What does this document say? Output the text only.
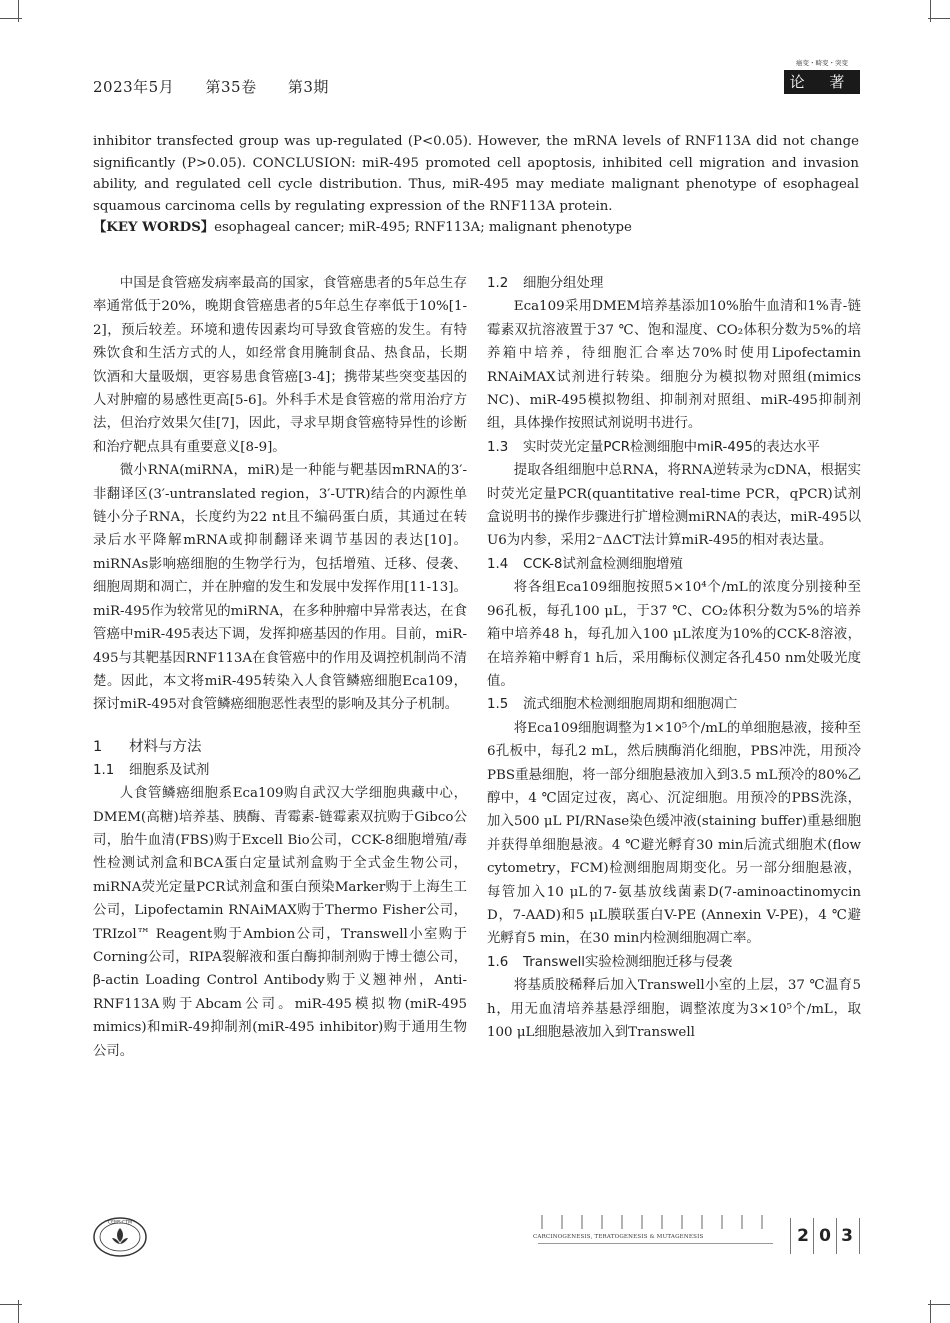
2023年5月 第35卷 第3期
癌变・畸变・突变
论 著

inhibitor transfected group was up-regulated (P<0.05). However, the mRNA levels of RNF113A did not change significantly (P>0.05). CONCLUSION: miR-495 promoted cell apoptosis, inhibited cell migration and invasion ability, and regulated cell cycle distribution. Thus, miR-495 may mediate malignant phenotype of esophageal squamous carcinoma cells by regulating expression of the RNF113A protein.

【KEY WORDS】esophageal cancer; miR-495; RNF113A; malignant phenotype

中国是食管癌发病率最高的国家，食管癌患者的5年总生存率通常低于20%，晚期食管癌患者的5年总生存率低于10%[1-2]，预后较差。环境和遗传因素均可导致食管癌的发生。有特殊饮食和生活方式的人，如经常食用腌制食品、热食品，长期饮酒和大量吸烟，更容易患食管癌[3-4]；携带某些突变基因的人对肿瘤的易感性更高[5-6]。外科手术是食管癌的常用治疗方法，但治疗效果欠佳[7]，因此，寻求早期食管癌特异性的诊断和治疗靶点具有重要意义[8-9]。

微小RNA(miRNA，miR)是一种能与靶基因mRNA的3′-非翻译区(3′-untranslated region，3′-UTR)结合的内源性单链小分子RNA，长度约为22 nt且不编码蛋白质，其通过在转录后水平降解mRNA或抑制翻译来调节基因的表达[10]。miRNAs影响癌细胞的生物学行为，包括增殖、迁移、侵袭、细胞周期和凋亡，并在肿瘤的发生和发展中发挥作用[11-13]。miR-495作为较常见的miRNA，在多种肿瘤中异常表达，在食管癌中miR-495表达下调，发挥抑癌基因的作用。目前，miR-495与其靶基因RNF113A在食管癌中的作用及调控机制尚不清楚。因此，本文将miR-495转染入人食管鳞癌细胞Eca109，探讨miR-495对食管鳞癌细胞恶性表型的影响及其分子机制。

1 材料与方法
1.1 细胞系及试剂

人食管鳞癌细胞系Eca109购自武汉大学细胞典藏中心，DMEM(高糖)培养基、胰酶、青霉素-链霉素双抗购于Gibco公司，胎牛血清(FBS)购于Excell Bio公司，CCK-8细胞增殖/毒性检测试剂盒和BCA蛋白定量试剂盒购于全式金生物公司，miRNA荧光定量PCR试剂盒和蛋白预染Marker购于上海生工公司，Lipofectamin RNAiMAX购于Thermo Fisher公司，TRIzol™ Reagent购于Ambion公司，Transwell小室购于Corning公司，RIPA裂解液和蛋白酶抑制剂购于博士德公司，β-actin Loading Control Antibody购于义翘神州，Anti-RNF113A购于Abcam公司。miR-495模拟物(miR-495 mimics)和miR-49抑制剂(miR-495 inhibitor)购于通用生物公司。

1.2 细胞分组处理

Eca109采用DMEM培养基添加10%胎牛血清和1%青-链霉素双抗溶液置于37 ℃、饱和湿度、CO₂体积分数为5%的培养箱中培养，待细胞汇合率达70%时使用Lipofectamin RNAiMAX试剂进行转染。细胞分为模拟物对照组(mimics NC)、miR-495模拟物组、抑制剂对照组、miR-495抑制剂组，具体操作按照试剂说明书进行。

1.3 实时荧光定量PCR检测细胞中miR-495的表达水平

提取各组细胞中总RNA，将RNA逆转录为cDNA，根据实时荧光定量PCR(quantitative real-time PCR，qPCR)试剂盒说明书的操作步骤进行扩增检测miRNA的表达，miR-495以U6为内参，采用2⁻ΔΔCT法计算miR-495的相对表达量。

1.4 CCK-8试剂盒检测细胞增殖

将各组Eca109细胞按照5×10⁴个/mL的浓度分别接种至96孔板，每孔100 μL，于37 ℃、CO₂体积分数为5%的培养箱中培养48 h，每孔加入100 μL浓度为10%的CCK-8溶液，在培养箱中孵育1 h后，采用酶标仪测定各孔450 nm处吸光度值。

1.5 流式细胞术检测细胞周期和细胞凋亡

将Eca109细胞调整为1×10⁵个/mL的单细胞悬液，接种至6孔板中，每孔2 mL，然后胰酶消化细胞，PBS冲洗，用预冷PBS重悬细胞，将一部分细胞悬液加入到3.5 mL预冷的80%乙醇中，4 ℃固定过夜，离心、沉淀细胞。用预冷的PBS洗涤，加入500 μL PI/RNase染色缓冲液(staining buffer)重悬细胞并获得单细胞悬液。4 ℃避光孵育30 min后流式细胞术(flow cytometry，FCM)检测细胞周期变化。另一部分细胞悬液，每管加入10 μL的7-氨基放线菌素D(7-aminoactinomycin D，7-AAD)和5 μL膜联蛋白V-PE (Annexin V-PE)，4 ℃避光孵育5 min，在30 min内检测细胞凋亡率。

1.6 Transwell实验检测细胞迁移与侵袭

将基质胶稀释后加入Transwell小室的上层，37 ℃温育5 h，用无血清培养基悬浮细胞，调整浓度为3×10⁵个/mL，取100 μL细胞悬液加入到Transwell

CEMS·CTM
CARCINOGENESIS, TERATOGENESIS & MUTAGENESIS	2 0 3
